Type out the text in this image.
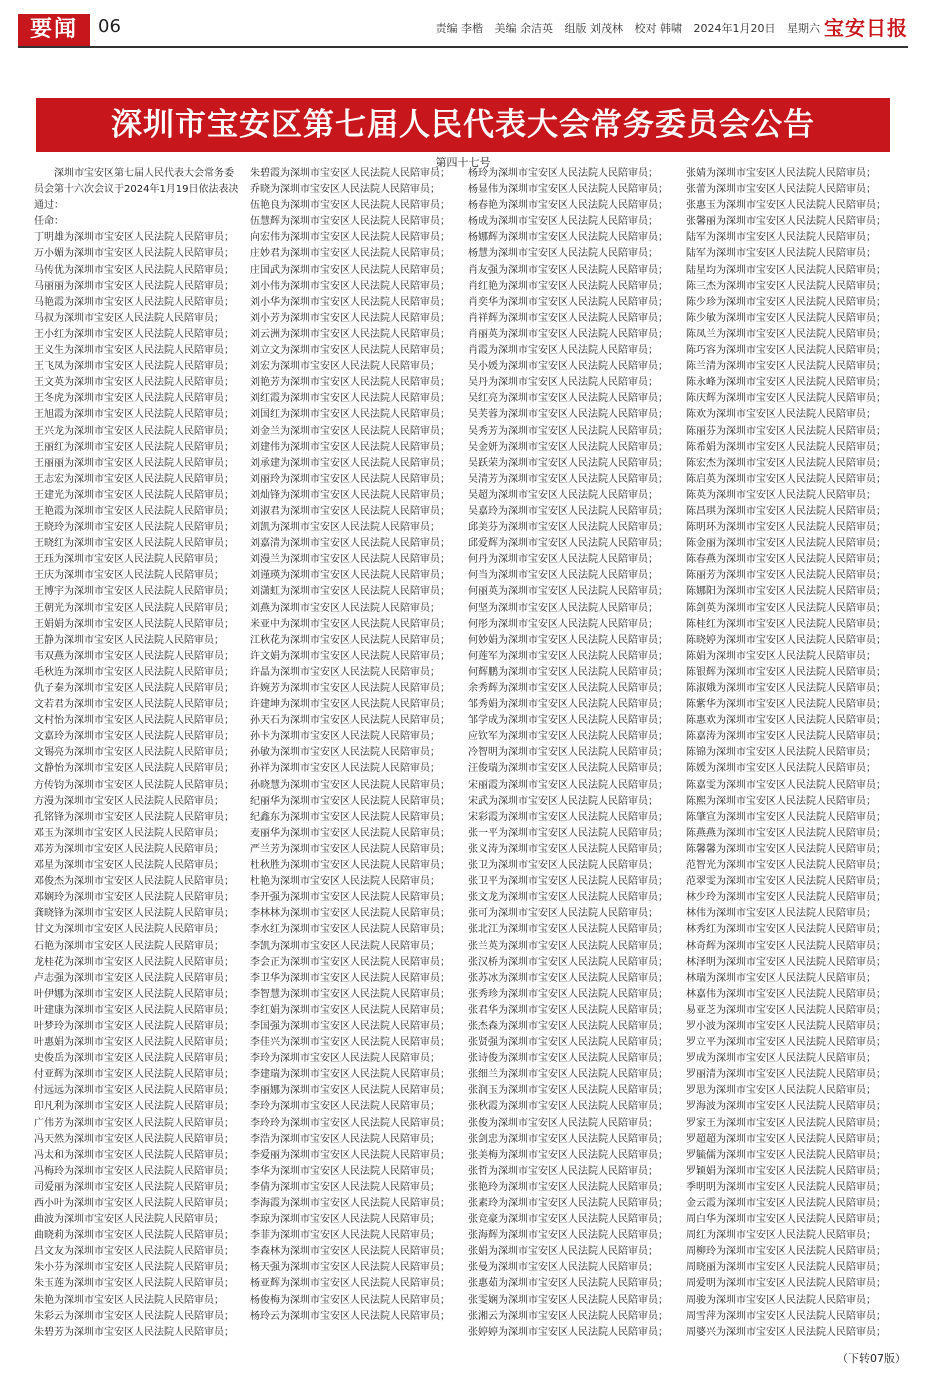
要闻	06	责编 李楷 美编 余洁英 组版 刘茂林 校对 韩啸 2024年1月20日 星期六 宝安日报
深圳市宝安区第七届人民代表大会常务委员会公告
第四十七号
深圳市宝安区第七届人民代表大会常务委员会第十六次会议于2024年1月19日依法表决通过：
任命：
丁明雄为深圳市宝安区人民法院人民陪审员；
万小媚为深圳市宝安区人民法院人民陪审员；
马传优为深圳市宝安区人民法院人民陪审员；
马丽丽为深圳市宝安区人民法院人民陪审员；
马艳霞为深圳市宝安区人民法院人民陪审员；
马叔为深圳市宝安区人民法院人民陪审员；
王小红为深圳市宝安区人民法院人民陪审员；
王义生为深圳市宝安区人民法院人民陪审员；
王飞凤为深圳市宝安区人民法院人民陪审员；
王文英为深圳市宝安区人民法院人民陪审员；
王冬虎为深圳市宝安区人民法院人民陪审员；
王旭霞为深圳市宝安区人民法院人民陪审员；
王兴龙为深圳市宝安区人民法院人民陪审员；
王丽红为深圳市宝安区人民法院人民陪审员；
王丽丽为深圳市宝安区人民法院人民陪审员；
王志宏为深圳市宝安区人民法院人民陪审员；
王建光为深圳市宝安区人民法院人民陪审员；
王艳霞为深圳市宝安区人民法院人民陪审员；
王晓玲为深圳市宝安区人民法院人民陪审员；
王晓红为深圳市宝安区人民法院人民陪审员；
王珏为深圳市宝安区人民法院人民陪审员；
王庆为深圳市宝安区人民法院人民陪审员；
王博宇为深圳市宝安区人民法院人民陪审员；
王朝光为深圳市宝安区人民法院人民陪审员；
王娟娟为深圳市宝安区人民法院人民陪审员；
王静为深圳市宝安区人民法院人民陪审员；
韦双燕为深圳市宝安区人民法院人民陪审员；
毛秋连为深圳市宝安区人民法院人民陪审员；
仇子秦为深圳市宝安区人民法院人民陪审员；
文若君为深圳市宝安区人民法院人民陪审员；
文村怡为深圳市宝安区人民法院人民陪审员；
文嘉玲为深圳市宝安区人民法院人民陪审员；
文锡亮为深圳市宝安区人民法院人民陪审员；
文静怡为深圳市宝安区人民法院人民陪审员；
方传钧为深圳市宝安区人民法院人民陪审员；
方漫为深圳市宝安区人民法院人民陪审员；
孔铭锋为深圳市宝安区人民法院人民陪审员；
邓玉为深圳市宝安区人民法院人民陪审员；
邓芳为深圳市宝安区人民法院人民陪审员；
邓星为深圳市宝安区人民法院人民陪审员；
邓俊杰为深圳市宝安区人民法院人民陪审员；
邓娴玲为深圳市宝安区人民法院人民陪审员；
龚晓锋为深圳市宝安区人民法院人民陪审员；
甘文为深圳市宝安区人民法院人民陪审员；
石艳为深圳市宝安区人民法院人民陪审员；
龙桂花为深圳市宝安区人民法院人民陪审员；
卢志强为深圳市宝安区人民法院人民陪审员；
叶伊娜为深圳市宝安区人民法院人民陪审员；
叶建康为深圳市宝安区人民法院人民陪审员；
叶梦玲为深圳市宝安区人民法院人民陪审员；
叶惠娟为深圳市宝安区人民法院人民陪审员；
史俊岳为深圳市宝安区人民法院人民陪审员；
付亚辉为深圳市宝安区人民法院人民陪审员；
付远远为深圳市宝安区人民法院人民陪审员；
印凡利为深圳市宝安区人民法院人民陪审员；
广伟芳为深圳市宝安区人民法院人民陪审员；
冯天然为深圳市宝安区人民法院人民陪审员；
冯太和为深圳市宝安区人民法院人民陪审员；
冯梅玲为深圳市宝安区人民法院人民陪审员；
司爱丽为深圳市宝安区人民法院人民陪审员；
西小叶为深圳市宝安区人民法院人民陪审员；
曲波为深圳市宝安区人民法院人民陪审员；
曲晓莉为深圳市宝安区人民法院人民陪审员；
吕文友为深圳市宝安区人民法院人民陪审员；
朱小芬为深圳市宝安区人民法院人民陪审员；
朱玉莲为深圳市宝安区人民法院人民陪审员；
朱艳为深圳市宝安区人民法院人民陪审员；
朱彩云为深圳市宝安区人民法院人民陪审员；
朱碧芳为深圳市宝安区人民法院人民陪审员；
朱碧霞为深圳市宝安区人民法院人民陪审员；
乔晓为深圳市宝安区人民法院人民陪审员；
伍艳良为深圳市宝安区人民法院人民陪审员；
伍慧辉为深圳市宝安区人民法院人民陪审员；
向宏伟为深圳市宝安区人民法院人民陪审员；
庄妙君为深圳市宝安区人民法院人民陪审员；
庄国武为深圳市宝安区人民法院人民陪审员；
刘小伟为深圳市宝安区人民法院人民陪审员；
刘小华为深圳市宝安区人民法院人民陪审员；
刘小芳为深圳市宝安区人民法院人民陪审员；
刘云洲为深圳市宝安区人民法院人民陪审员；
刘立文为深圳市宝安区人民法院人民陪审员；
刘宏为深圳市宝安区人民法院人民陪审员；
刘艳芳为深圳市宝安区人民法院人民陪审员；
刘红霞为深圳市宝安区人民法院人民陪审员；
刘国红为深圳市宝安区人民法院人民陪审员；
刘金兰为深圳市宝安区人民法院人民陪审员；
刘建伟为深圳市宝安区人民法院人民陪审员；
刘承建为深圳市宝安区人民法院人民陪审员；
刘丽玲为深圳市宝安区人民法院人民陪审员；
刘灿锋为深圳市宝安区人民法院人民陪审员；
刘淑君为深圳市宝安区人民法院人民陪审员；
刘凯为深圳市宝安区人民法院人民陪审员；
刘嘉清为深圳市宝安区人民法院人民陪审员；
刘漫兰为深圳市宝安区人民法院人民陪审员；
刘谨瑛为深圳市宝安区人民法院人民陪审员；
刘潇虹为深圳市宝安区人民法院人民陪审员；
刘燕为深圳市宝安区人民法院人民陪审员；
米亚中为深圳市宝安区人民法院人民陪审员；
江秋花为深圳市宝安区人民法院人民陪审员；
许文娟为深圳市宝安区人民法院人民陪审员；
许晶为深圳市宝安区人民法院人民陪审员；
许婉芳为深圳市宝安区人民法院人民陪审员；
许建坤为深圳市宝安区人民法院人民陪审员；
孙天石为深圳市宝安区人民法院人民陪审员；
孙卡为深圳市宝安区人民法院人民陪审员；
孙敏为深圳市宝安区人民法院人民陪审员；
孙祥为深圳市宝安区人民法院人民陪审员；
孙晓慧为深圳市宝安区人民法院人民陪审员；
纪丽华为深圳市宝安区人民法院人民陪审员；
纪鑫东为深圳市宝安区人民法院人民陪审员；
麦丽华为深圳市宝安区人民法院人民陪审员；
严兰芳为深圳市宝安区人民法院人民陪审员；
杜秋胜为深圳市宝安区人民法院人民陪审员；
杜艳为深圳市宝安区人民法院人民陪审员；
李开强为深圳市宝安区人民法院人民陪审员；
李林林为深圳市宝安区人民法院人民陪审员；
李水红为深圳市宝安区人民法院人民陪审员；
李凯为深圳市宝安区人民法院人民陪审员；
李会正为深圳市宝安区人民法院人民陪审员；
李卫华为深圳市宝安区人民法院人民陪审员；
李智慧为深圳市宝安区人民法院人民陪审员；
李红娟为深圳市宝安区人民法院人民陪审员；
李国强为深圳市宝安区人民法院人民陪审员；
李佳兴为深圳市宝安区人民法院人民陪审员；
李玲为深圳市宝安区人民法院人民陪审员；
李建瑞为深圳市宝安区人民法院人民陪审员；
李丽娜为深圳市宝安区人民法院人民陪审员；
李玲为深圳市宝安区人民法院人民陪审员；
李玲玲为深圳市宝安区人民法院人民陪审员；
李浩为深圳市宝安区人民法院人民陪审员；
李爱丽为深圳市宝安区人民法院人民陪审员；
李华为深圳市宝安区人民法院人民陪审员；
李倩为深圳市宝安区人民法院人民陪审员；
李海霞为深圳市宝安区人民法院人民陪审员；
李琼为深圳市宝安区人民法院人民陪审员；
李菲为深圳市宝安区人民法院人民陪审员；
李森林为深圳市宝安区人民法院人民陪审员；
杨天强为深圳市宝安区人民法院人民陪审员；
杨亚辉为深圳市宝安区人民法院人民陪审员；
杨俊梅为深圳市宝安区人民法院人民陪审员；
杨玲云为深圳市宝安区人民法院人民陪审员；
杨玲为深圳市宝安区人民法院人民陪审员；
杨显伟为深圳市宝安区人民法院人民陪审员；
杨春艳为深圳市宝安区人民法院人民陪审员；
杨成为深圳市宝安区人民法院人民陪审员；
杨娜辉为深圳市宝安区人民法院人民陪审员；
杨慧为深圳市宝安区人民法院人民陪审员；
肖友强为深圳市宝安区人民法院人民陪审员；
肖红艳为深圳市宝安区人民法院人民陪审员；
肖奕华为深圳市宝安区人民法院人民陪审员；
肖祥辉为深圳市宝安区人民法院人民陪审员；
肖丽英为深圳市宝安区人民法院人民陪审员；
肖霞为深圳市宝安区人民法院人民陪审员；
吴小媛为深圳市宝安区人民法院人民陪审员；
吴丹为深圳市宝安区人民法院人民陪审员；
吴红亮为深圳市宝安区人民法院人民陪审员；
吴芙蓉为深圳市宝安区人民法院人民陪审员；
吴秀芳为深圳市宝安区人民法院人民陪审员；
吴金妍为深圳市宝安区人民法院人民陪审员；
吴跃荣为深圳市宝安区人民法院人民陪审员；
吴清芳为深圳市宝安区人民法院人民陪审员；
吴超为深圳市宝安区人民法院人民陪审员；
吴嘉玲为深圳市宝安区人民法院人民陪审员；
邱美芬为深圳市宝安区人民法院人民陪审员；
邱爱辉为深圳市宝安区人民法院人民陪审员；
何丹为深圳市宝安区人民法院人民陪审员；
何当为深圳市宝安区人民法院人民陪审员；
何丽英为深圳市宝安区人民法院人民陪审员；
何坚为深圳市宝安区人民法院人民陪审员；
何彤为深圳市宝安区人民法院人民陪审员；
何妙娟为深圳市宝安区人民法院人民陪审员；
何莲军为深圳市宝安区人民法院人民陪审员；
何辉鹏为深圳市宝安区人民法院人民陪审员；
余秀辉为深圳市宝安区人民法院人民陪审员；
邹秀娟为深圳市宝安区人民法院人民陪审员；
邹学成为深圳市宝安区人民法院人民陪审员；
应钦军为深圳市宝安区人民法院人民陪审员；
冷智明为深圳市宝安区人民法院人民陪审员；
汪俊瑞为深圳市宝安区人民法院人民陪审员；
宋丽霞为深圳市宝安区人民法院人民陪审员；
宋武为深圳市宝安区人民法院人民陪审员；
宋彩霞为深圳市宝安区人民法院人民陪审员；
张一平为深圳市宝安区人民法院人民陪审员；
张义涛为深圳市宝安区人民法院人民陪审员；
张卫为深圳市宝安区人民法院人民陪审员；
张卫平为深圳市宝安区人民法院人民陪审员；
张文龙为深圳市宝安区人民法院人民陪审员；
张可为深圳市宝安区人民法院人民陪审员；
张北江为深圳市宝安区人民法院人民陪审员；
张兰英为深圳市宝安区人民法院人民陪审员；
张汉桥为深圳市宝安区人民法院人民陪审员；
张苏冰为深圳市宝安区人民法院人民陪审员；
张秀珍为深圳市宝安区人民法院人民陪审员；
张君华为深圳市宝安区人民法院人民陪审员；
张杰森为深圳市宝安区人民法院人民陪审员；
张贤强为深圳市宝安区人民法院人民陪审员；
张诗俊为深圳市宝安区人民法院人民陪审员；
张细兰为深圳市宝安区人民法院人民陪审员；
张润玉为深圳市宝安区人民法院人民陪审员；
张秋霞为深圳市宝安区人民法院人民陪审员；
张俊为深圳市宝安区人民法院人民陪审员；
张剑忠为深圳市宝安区人民法院人民陪审员；
张美梅为深圳市宝安区人民法院人民陪审员；
张哲为深圳市宝安区人民法院人民陪审员；
张艳玲为深圳市宝安区人民法院人民陪审员；
张素玲为深圳市宝安区人民法院人民陪审员；
张竞豪为深圳市宝安区人民法院人民陪审员；
张海辉为深圳市宝安区人民法院人民陪审员；
张娟为深圳市宝安区人民法院人民陪审员；
张曼为深圳市宝安区人民法院人民陪审员；
张惠茹为深圳市宝安区人民法院人民陪审员；
张雯娴为深圳市宝安区人民法院人民陪审员；
张湘云为深圳市宝安区人民法院人民陪审员；
张婷婷为深圳市宝安区人民法院人民陪审员；
张婧为深圳市宝安区人民法院人民陪审员；
张蕾为深圳市宝安区人民法院人民陪审员；
张惠玉为深圳市宝安区人民法院人民陪审员；
张馨丽为深圳市宝安区人民法院人民陪审员；
陆军为深圳市宝安区人民法院人民陪审员；
陆军为深圳市宝安区人民法院人民陪审员；
陆星均为深圳市宝安区人民法院人民陪审员；
陈三杰为深圳市宝安区人民法院人民陪审员；
陈少珍为深圳市宝安区人民法院人民陪审员；
陈少敏为深圳市宝安区人民法院人民陪审员；
陈凤兰为深圳市宝安区人民法院人民陪审员；
陈巧容为深圳市宝安区人民法院人民陪审员；
陈兰清为深圳市宝安区人民法院人民陪审员；
陈永峰为深圳市宝安区人民法院人民陪审员；
陈庆辉为深圳市宝安区人民法院人民陪审员；
陈欢为深圳市宝安区人民法院人民陪审员；
陈丽芬为深圳市宝安区人民法院人民陪审员；
陈希娟为深圳市宝安区人民法院人民陪审员；
陈宏杰为深圳市宝安区人民法院人民陪审员；
陈启英为深圳市宝安区人民法院人民陪审员；
陈英为深圳市宝安区人民法院人民陪审员；
陈昌琪为深圳市宝安区人民法院人民陪审员；
陈明环为深圳市宝安区人民法院人民陪审员；
陈金丽为深圳市宝安区人民法院人民陪审员；
陈春燕为深圳市宝安区人民法院人民陪审员；
陈丽芳为深圳市宝安区人民法院人民陪审员；
陈娜阳为深圳市宝安区人民法院人民陪审员；
陈剑英为深圳市宝安区人民法院人民陪审员；
陈桂红为深圳市宝安区人民法院人民陪审员；
陈晓婷为深圳市宝安区人民法院人民陪审员；
陈娟为深圳市宝安区人民法院人民陪审员；
陈银辉为深圳市宝安区人民法院人民陪审员；
陈淑娥为深圳市宝安区人民法院人民陪审员；
陈紫华为深圳市宝安区人民法院人民陪审员；
陈惠欢为深圳市宝安区人民法院人民陪审员；
陈嘉涛为深圳市宝安区人民法院人民陪审员；
陈锦为深圳市宝安区人民法院人民陪审员；
陈媛为深圳市宝安区人民法院人民陪审员；
陈嘉雯为深圳市宝安区人民法院人民陪审员；
陈熙为深圳市宝安区人民法院人民陪审员；
陈肇宣为深圳市宝安区人民法院人民陪审员；
陈燕燕为深圳市宝安区人民法院人民陪审员；
陈馨馨为深圳市宝安区人民法院人民陪审员；
范智光为深圳市宝安区人民法院人民陪审员；
范翠雯为深圳市宝安区人民法院人民陪审员；
林少玲为深圳市宝安区人民法院人民陪审员；
林伟为深圳市宝安区人民法院人民陪审员；
林秀红为深圳市宝安区人民法院人民陪审员；
林奇辉为深圳市宝安区人民法院人民陪审员；
林泽明为深圳市宝安区人民法院人民陪审员；
林瑞为深圳市宝安区人民法院人民陪审员；
林嘉伟为深圳市宝安区人民法院人民陪审员；
易亚芝为深圳市宝安区人民法院人民陪审员；
罗小波为深圳市宝安区人民法院人民陪审员；
罗立平为深圳市宝安区人民法院人民陪审员；
罗成为深圳市宝安区人民法院人民陪审员；
罗丽清为深圳市宝安区人民法院人民陪审员；
罗思为深圳市宝安区人民法院人民陪审员；
罗海波为深圳市宝安区人民法院人民陪审员；
罗家王为深圳市宝安区人民法院人民陪审员；
罗超超为深圳市宝安区人民法院人民陪审员；
罗毓儒为深圳市宝安区人民法院人民陪审员；
罗颖娟为深圳市宝安区人民法院人民陪审员；
季明明为深圳市宝安区人民法院人民陪审员；
金云霞为深圳市宝安区人民法院人民陪审员；
周白华为深圳市宝安区人民法院人民陪审员；
周红为深圳市宝安区人民法院人民陪审员；
周柳玲为深圳市宝安区人民法院人民陪审员；
周晓丽为深圳市宝安区人民法院人民陪审员；
周爱明为深圳市宝安区人民法院人民陪审员；
周骏为深圳市宝安区人民法院人民陪审员；
周雪萍为深圳市宝安区人民法院人民陪审员；
周婆兴为深圳市宝安区人民法院人民陪审员；
（下转07版）
